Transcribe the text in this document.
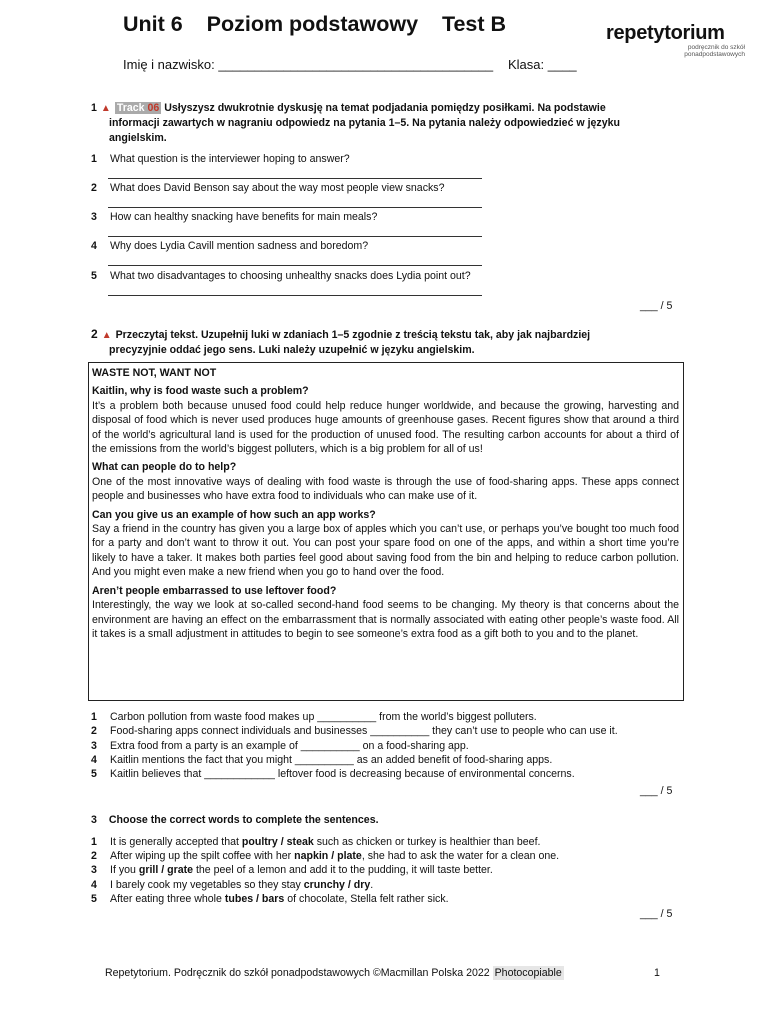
Unit 6    Poziom podstawowy    Test B	repetytorium
podręcznik do szkół
ponadpodstawowych
Imię i nazwisko: ______________________________________ Klasa: ____
1 ▲ Track 06 Usłyszysz dwukrotnie dyskusję na temat podjadania pomiędzy posiłkami. Na podstawie
informacji zawartych w nagraniu odpowiedz na pytania 1–5. Na pytania należy odpowiedzieć w języku
angielskim.
1	What question is the interviewer hoping to answer?
2	What does David Benson say about the way most people view snacks?
3	How can healthy snacking have benefits for main meals?
4	Why does Lydia Cavill mention sadness and boredom?
5	What two disadvantages to choosing unhealthy snacks does Lydia point out?
___ / 5
2 ▲ Przeczytaj tekst. Uzupełnij luki w zdaniach 1–5 zgodnie z treścią tekstu tak, aby jak najbardziej
precyzyjnie oddać jego sens. Luki należy uzupełnić w języku angielskim.

WASTE NOT, WANT NOT

Kaitlin, why is food waste such a problem?

It’s a problem both because unused food could help reduce hunger worldwide, and because the growing, harvesting and disposal of food which is never used produces huge amounts of greenhouse gases. Recent figures show that around a third of the world’s agricultural land is used for the production of unused food. The resulting carbon accounts for about a third of the emissions from the world’s biggest polluters, which is a big problem for all of us!

What can people do to help?

One of the most innovative ways of dealing with food waste is through the use of food-sharing apps. These apps connect people and businesses who have extra food to individuals who can make use of it.

Can you give us an example of how such an app works?

Say a friend in the country has given you a large box of apples which you can’t use, or perhaps you’ve bought too much food for a party and don’t want to throw it out. You can post your spare food on one of the apps, and within a short time you’re likely to have a taker. It makes both parties feel good about saving food from the bin and helping to reduce carbon pollution. And you might even make a new friend when you go to hand over the food.

Aren’t people embarrassed to use leftover food?

Interestingly, the way we look at so-called second-hand food seems to be changing. My theory is that concerns about the environment are having an effect on the embarrassment that is normally associated with eating other people’s waste food. All it takes is a small adjustment in attitudes to begin to see someone’s extra food as a gift both to you and to the planet.

1	Carbon pollution from waste food makes up __________ from the world’s biggest polluters.
2	Food-sharing apps connect individuals and businesses __________ they can’t use to people who can use it.
3	Extra food from a party is an example of __________ on a food-sharing app.
4	Kaitlin mentions the fact that you might __________ as an added benefit of food-sharing apps.
5	Kaitlin believes that ____________ leftover food is decreasing because of environmental concerns.
___ / 5
3 Choose the correct words to complete the sentences.
1	It is generally accepted that poultry / steak such as chicken or turkey is healthier than beef.
2	After wiping up the spilt coffee with her napkin / plate, she had to ask the water for a clean one.
3	If you grill / grate the peel of a lemon and add it to the pudding, it will taste better.
4	I barely cook my vegetables so they stay crunchy / dry.
5	After eating three whole tubes / bars of chocolate, Stella felt rather sick.
___ / 5
Repetytorium. Podręcznik do szkół ponadpodstawowych ©Macmillan Polska 2022 Photocopiable	1
